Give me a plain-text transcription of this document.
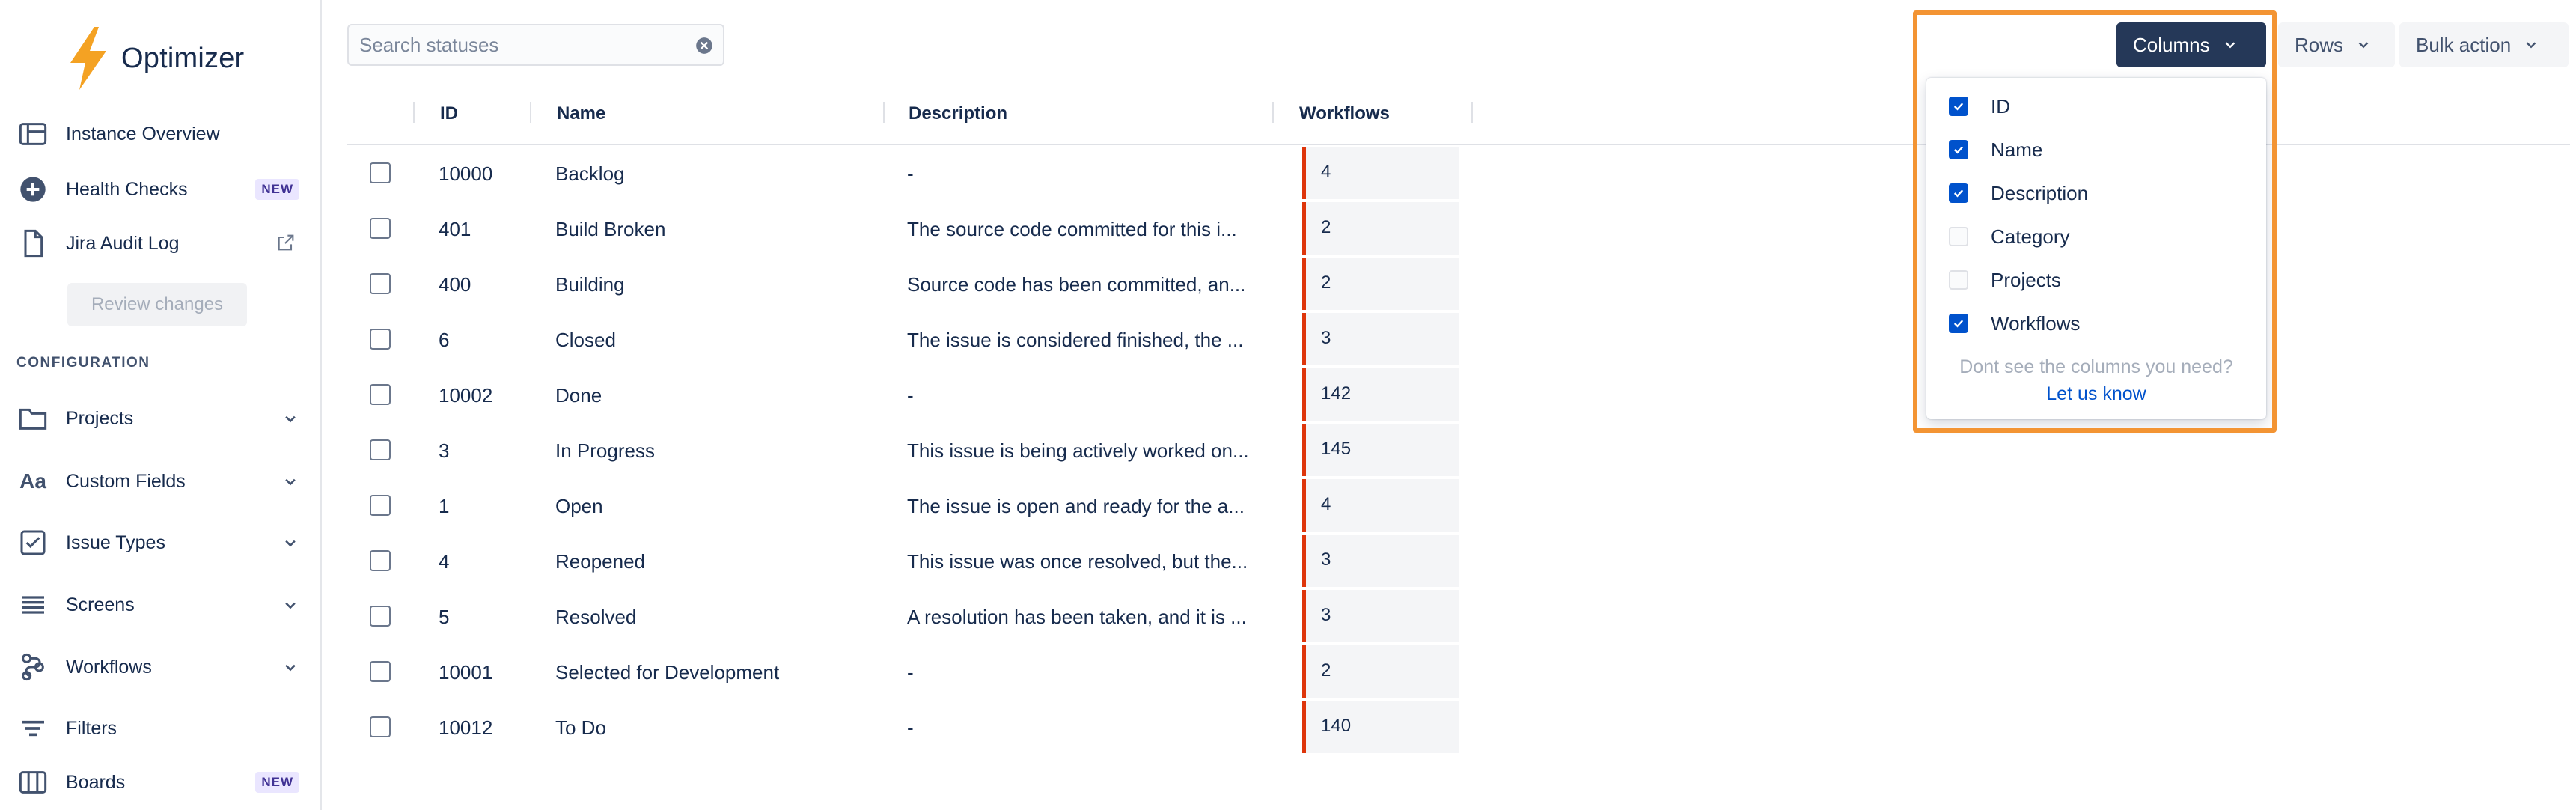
Optimizer
Instance Overview
Health Checks	NEW
Jira Audit Log
Review changes
CONFIGURATION
Projects
Aa Custom Fields
Issue Types
Screens
Workflows
Filters
Boards	NEW
Search statuses
Columns	Rows	Bulk action
ID	Name	Description	Workflows
10000	Backlog	-	4
401	Build Broken	The source code committed for this i...	2
400	Building	Source code has been committed, an...	2
6	Closed	The issue is considered finished, the ...	3
10002	Done	-	142
3	In Progress	This issue is being actively worked on...	145
1	Open	The issue is open and ready for the a...	4
4	Reopened	This issue was once resolved, but the...	3
5	Resolved	A resolution has been taken, and it is ...	3
10001	Selected for Development	-	2
10012	To Do	-	140
ID
Name
Description
Category
Projects
Workflows
Dont see the columns you need?
Let us know
